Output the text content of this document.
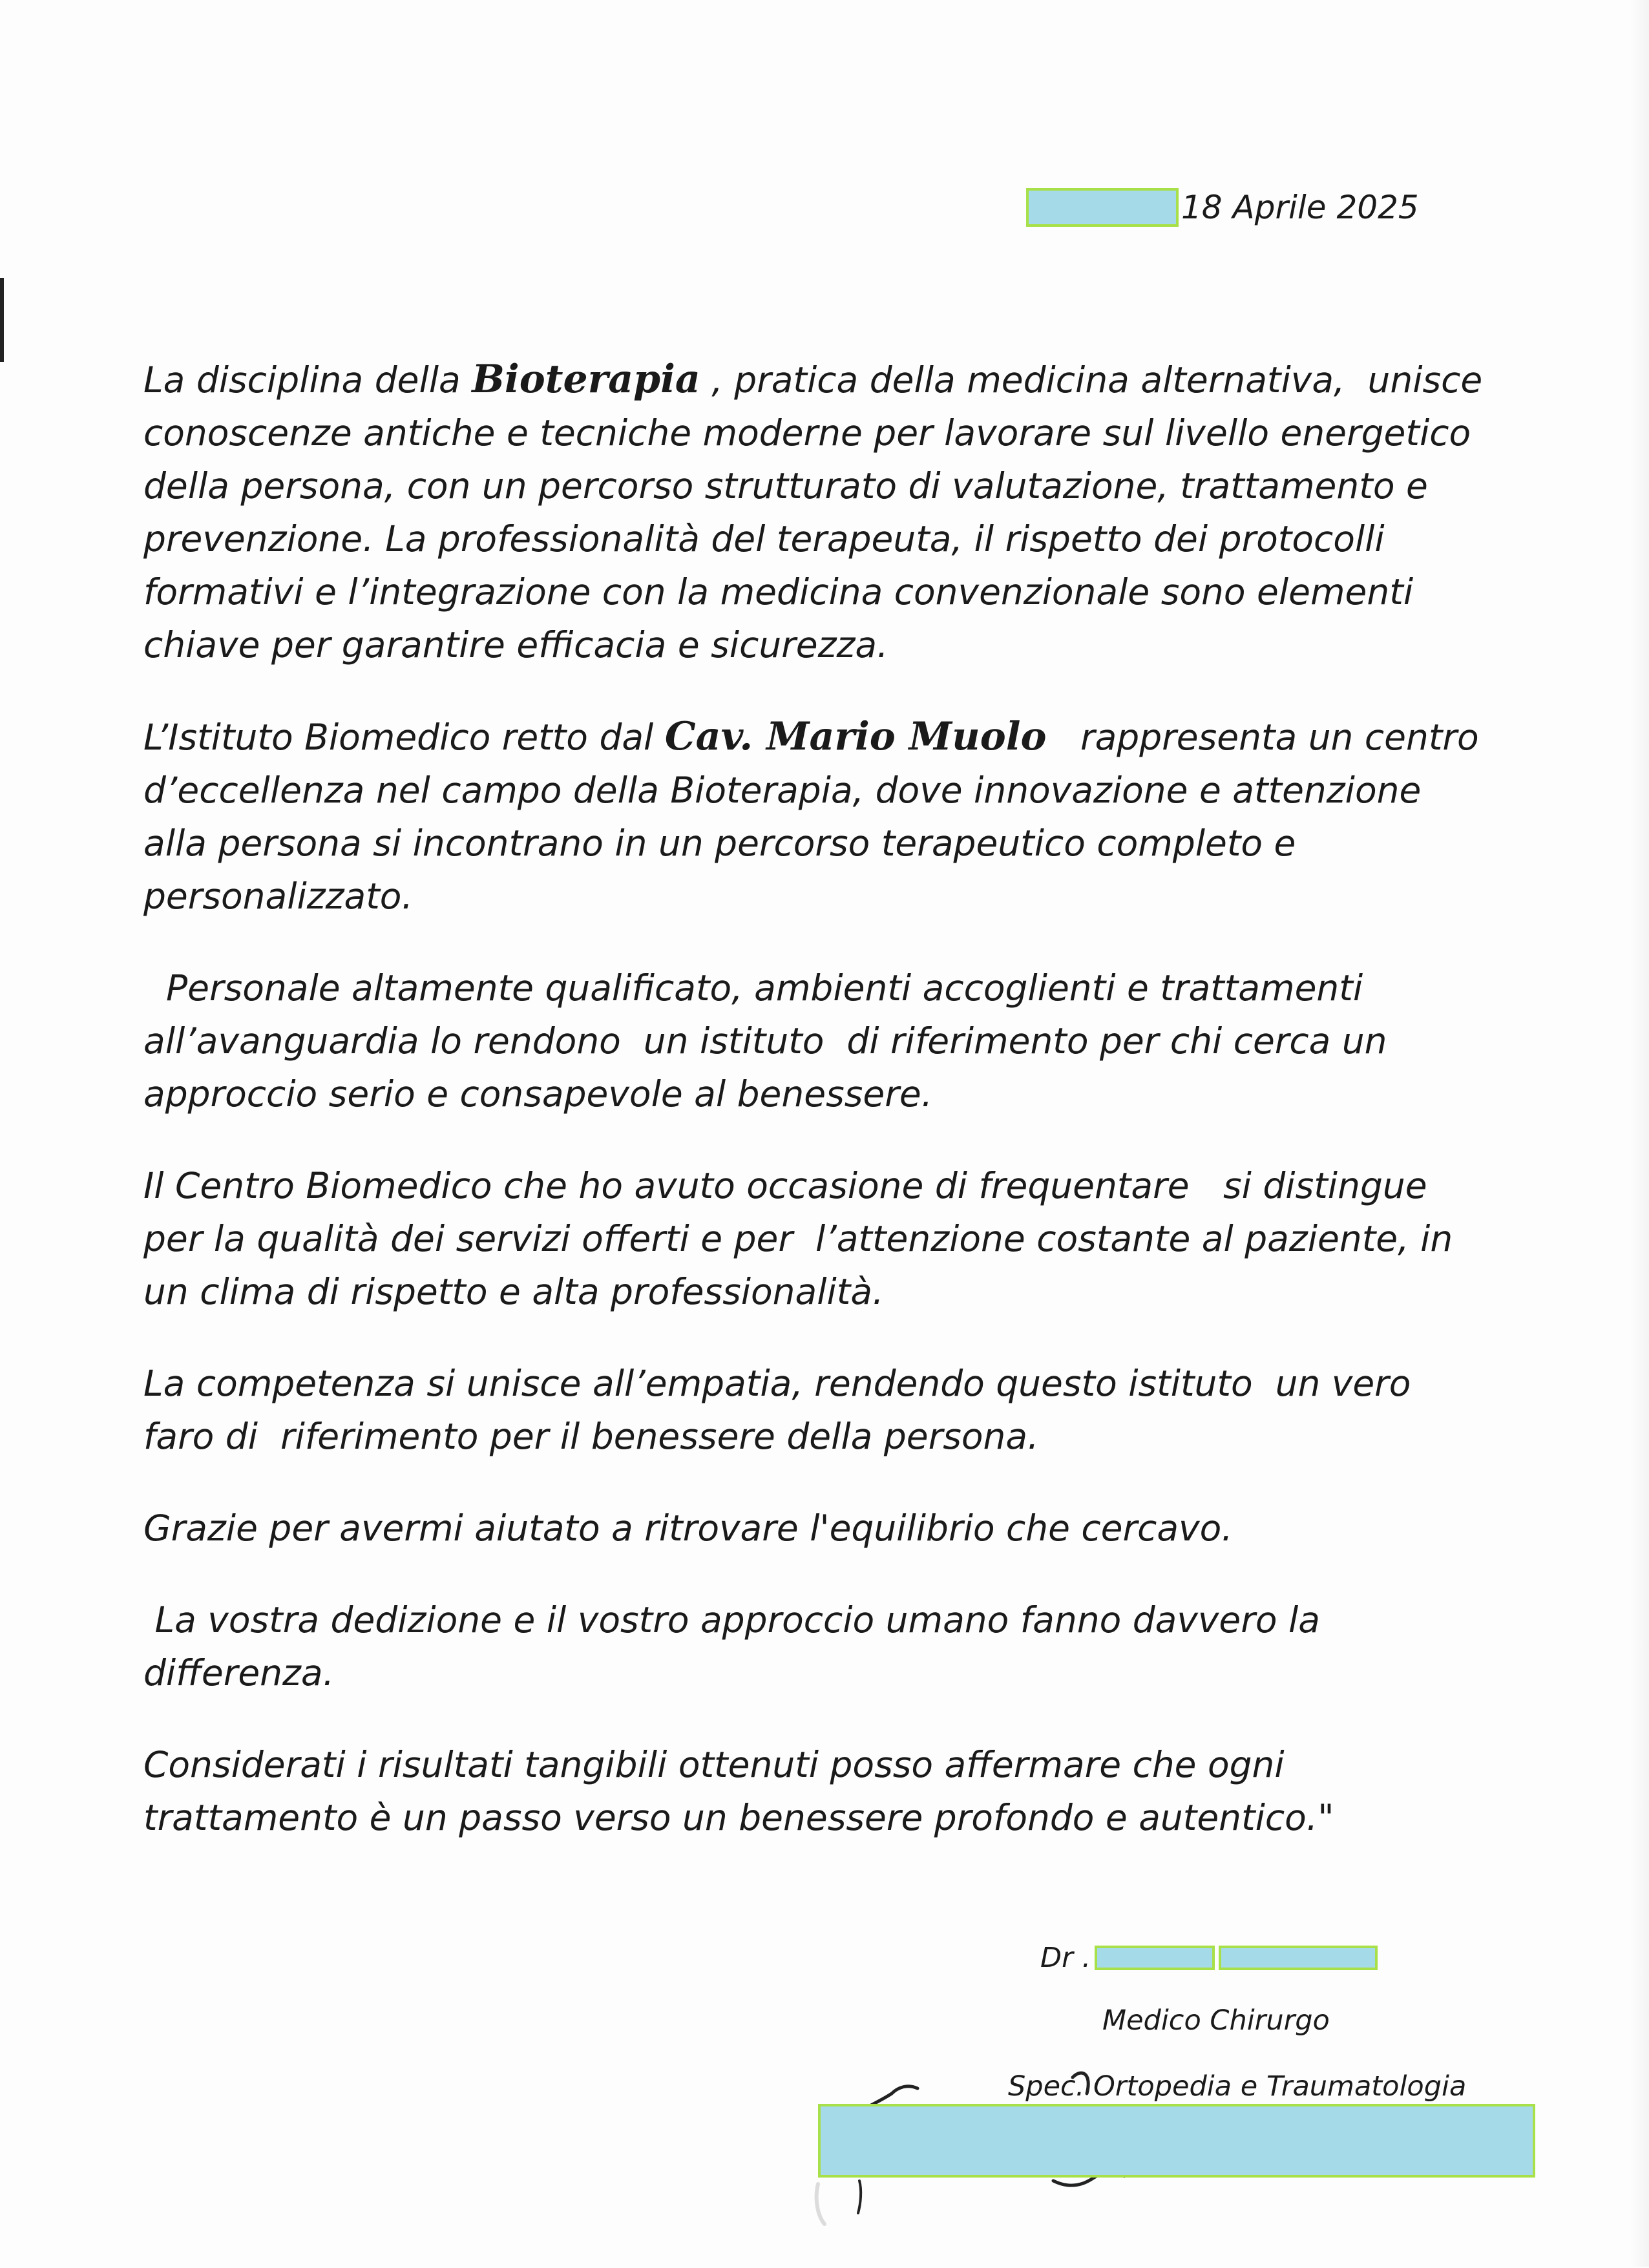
18 Aprile 2025
La disciplina della Bioterapia , pratica della medicina alternativa,  unisce
conoscenze antiche e tecniche moderne per lavorare sul livello energetico
della persona, con un percorso strutturato di valutazione, trattamento e
prevenzione. La professionalità del terapeuta, il rispetto dei protocolli
formativi e l’integrazione con la medicina convenzionale sono elementi
chiave per garantire efficacia e sicurezza.
L’Istituto Biomedico retto dal Cav. Mario Muolo   rappresenta un centro
d’eccellenza nel campo della Bioterapia, dove innovazione e attenzione
alla persona si incontrano in un percorso terapeutico completo e
personalizzato.
Personale altamente qualificato, ambienti accoglienti e trattamenti
all’avanguardia lo rendono  un istituto  di riferimento per chi cerca un
approccio serio e consapevole al benessere.
Il Centro Biomedico che ho avuto occasione di frequentare   si distingue
per la qualità dei servizi offerti e per  l’attenzione costante al paziente, in
un clima di rispetto e alta professionalità.
La competenza si unisce all’empatia, rendendo questo istituto  un vero
faro di  riferimento per il benessere della persona.
Grazie per avermi aiutato a ritrovare l'equilibrio che cercavo.
La vostra dedizione e il vostro approccio umano fanno davvero la
differenza.
Considerati i risultati tangibili ottenuti posso affermare che ogni
trattamento è un passo verso un benessere profondo e autentico."
Dr .
Medico Chirurgo
Spec. Ortopedia e Traumatologia
